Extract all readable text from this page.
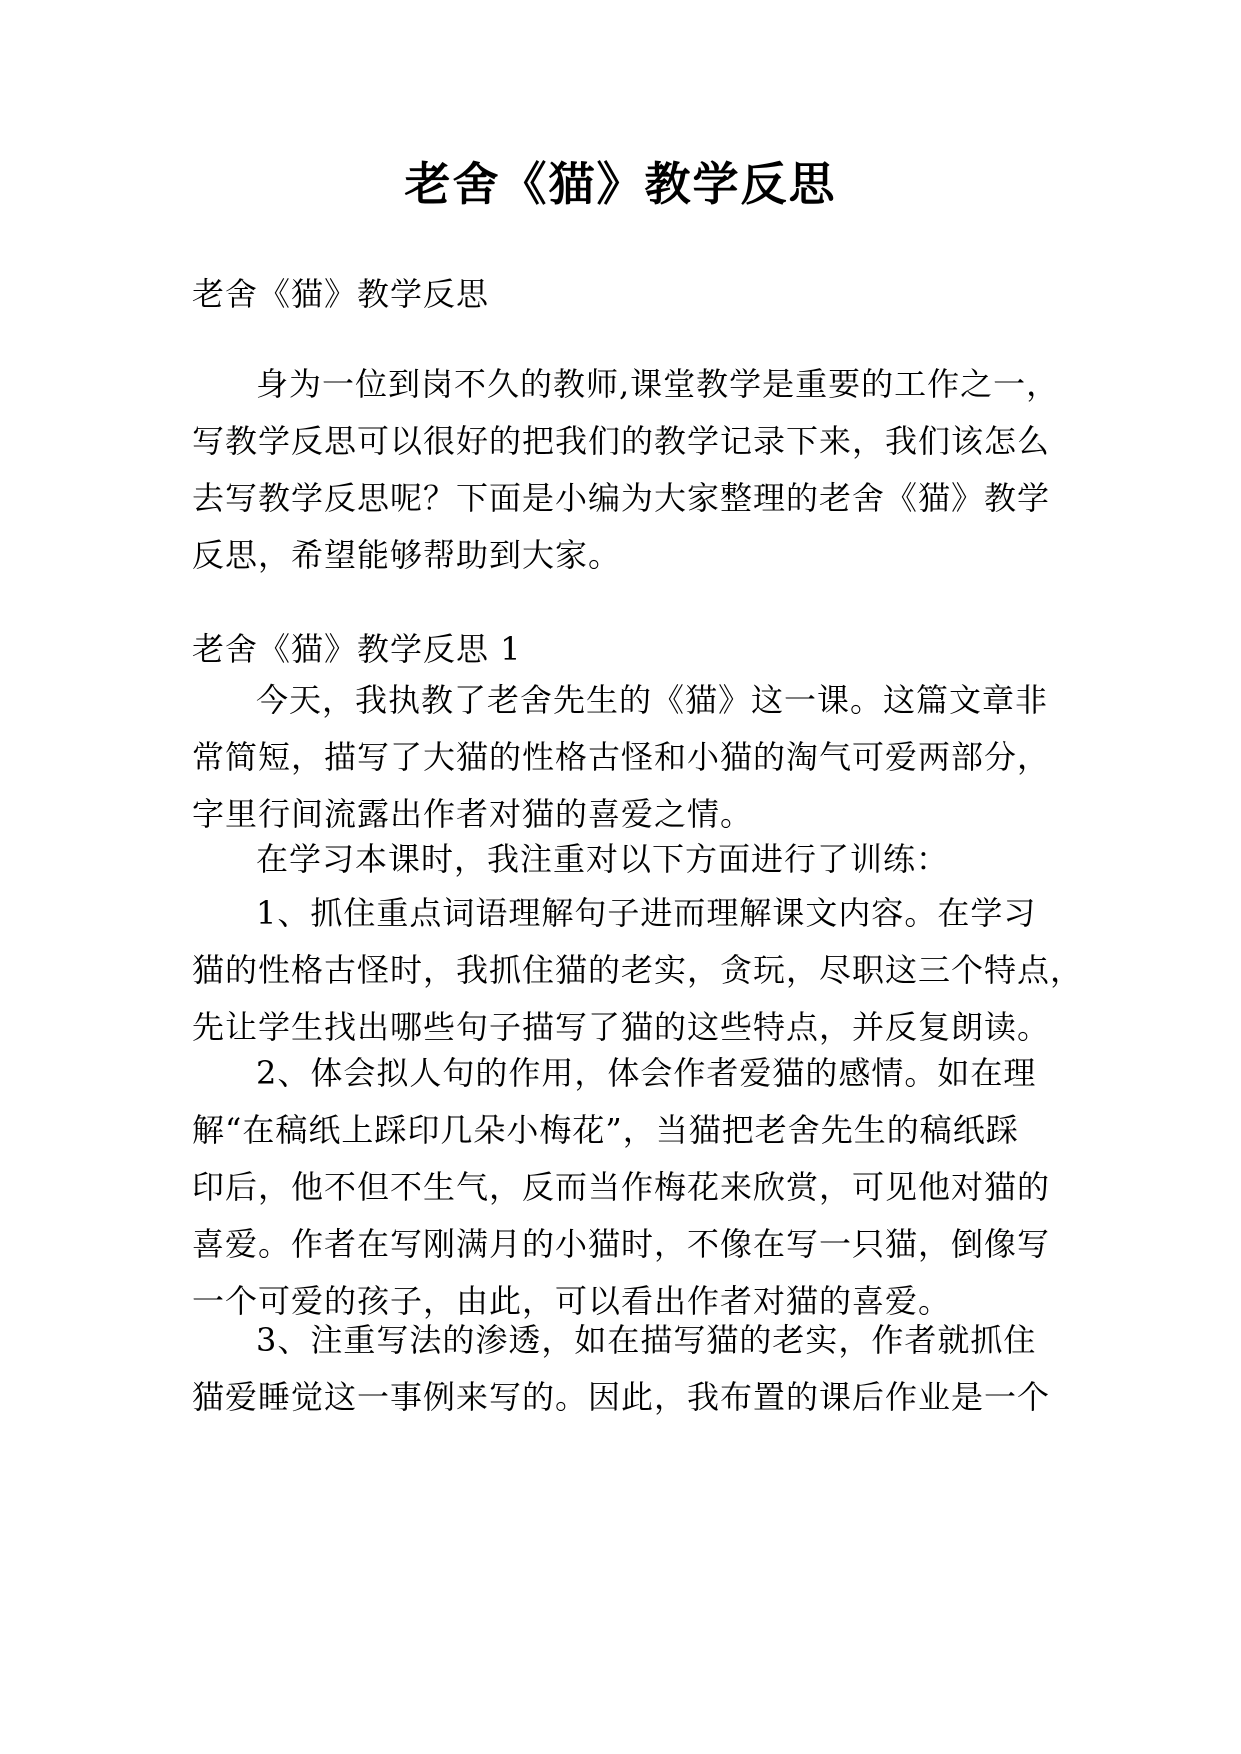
老舍《猫》教学反思
老舍《猫》教学反思
身为一位到岗不久的教师,课堂教学是重要的工作之一，
写教学反思可以很好的把我们的教学记录下来，我们该怎么
去写教学反思呢？下面是小编为大家整理的老舍《猫》教学
反思，希望能够帮助到大家。
老舍《猫》教学反思 1
今天，我执教了老舍先生的《猫》这一课。这篇文章非
常简短，描写了大猫的性格古怪和小猫的淘气可爱两部分，
字里行间流露出作者对猫的喜爱之情。
在学习本课时，我注重对以下方面进行了训练：
1、抓住重点词语理解句子进而理解课文内容。在学习
猫的性格古怪时，我抓住猫的老实，贪玩，尽职这三个特点，
先让学生找出哪些句子描写了猫的这些特点，并反复朗读。
2、体会拟人句的作用，体会作者爱猫的感情。如在理
解“在稿纸上踩印几朵小梅花”，当猫把老舍先生的稿纸踩
印后，他不但不生气，反而当作梅花来欣赏，可见他对猫的
喜爱。作者在写刚满月的小猫时，不像在写一只猫，倒像写
一个可爱的孩子，由此，可以看出作者对猫的喜爱。
3、注重写法的渗透，如在描写猫的老实，作者就抓住
猫爱睡觉这一事例来写的。因此，我布置的课后作业是一个
